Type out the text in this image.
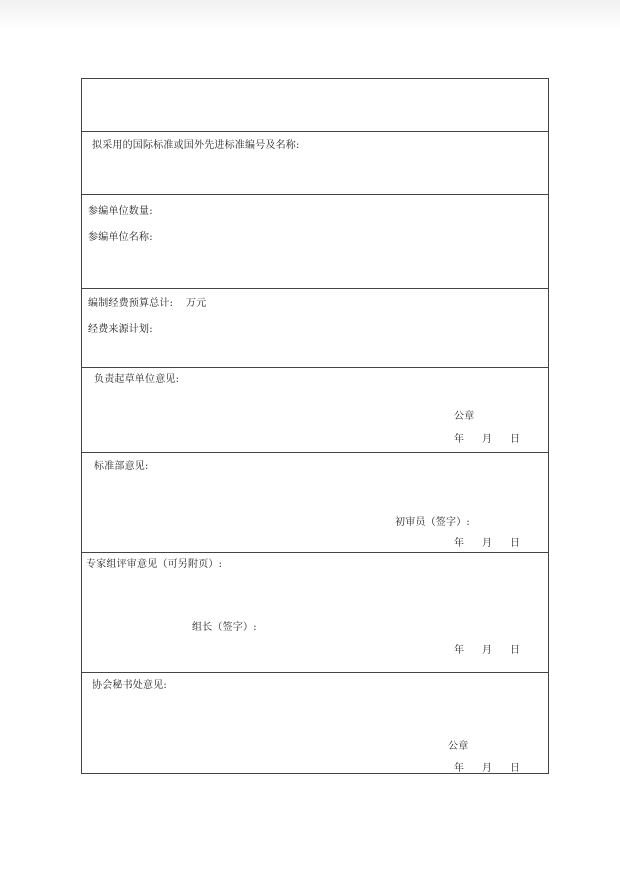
拟采用的国际标准或国外先进标准编号及名称:
参编单位数量:
参编单位名称:
编制经费预算总计: 万元
经费来源计划:
负责起草单位意见:
公章
年 月 日
标准部意见:
初审员（签字）:
年 月 日
专家组评审意见（可另附页）:
组长（签字）:
年 月 日
协会秘书处意见:
公章
年 月 日
